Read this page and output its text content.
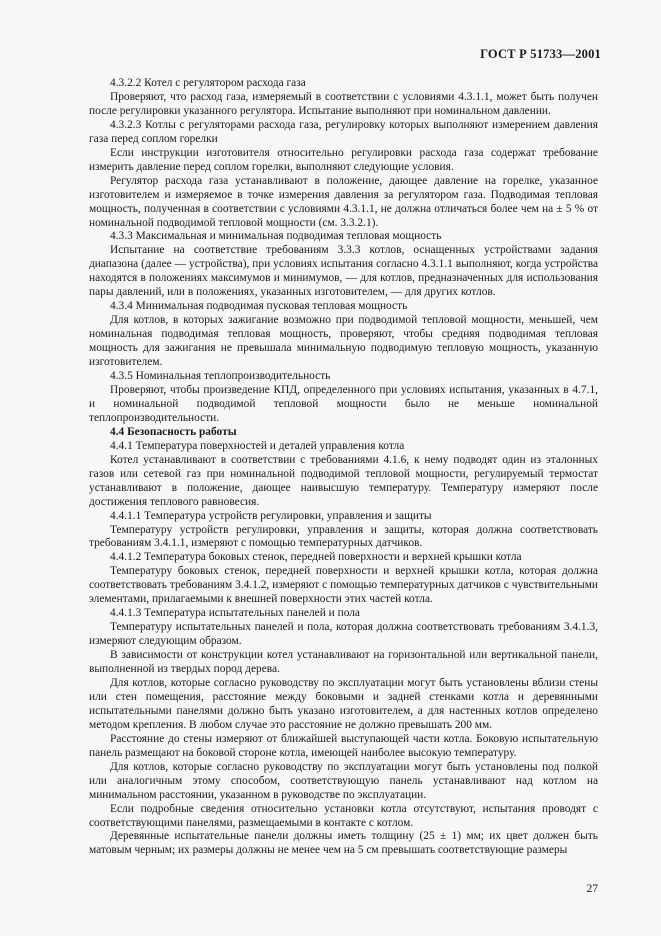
ГОСТ Р 51733—2001

4.3.2.2 Котел с регулятором расхода газа

Проверяют, что расход газа, измеряемый в соответствии с условиями 4.3.1.1, может быть получен после регулировки указанного регулятора. Испытание выполняют при номинальном давлении.

4.3.2.3 Котлы с регуляторами расхода газа, регулировку которых выполняют измерением давления газа перед соплом горелки

Если инструкции изготовителя относительно регулировки расхода газа содержат требование измерить давление перед соплом горелки, выполняют следующие условия.

Регулятор расхода газа устанавливают в положение, дающее давление на горелке, указанное изготовителем и измеряемое в точке измерения давления за регулятором газа. Подводимая тепловая мощность, полученная в соответствии с условиями 4.3.1.1, не должна отличаться более чем на ± 5 % от номинальной подводимой тепловой мощности (см. 3.3.2.1).

4.3.3 Максимальная и минимальная подводимая тепловая мощность

Испытание на соответствие требованиям 3.3.3 котлов, оснащенных устройствами задания диапазона (далее — устройства), при условиях испытания согласно 4.3.1.1 выполняют, когда устройства находятся в положениях максимумов и минимумов, — для котлов, предназначенных для использования пары давлений, или в положениях, указанных изготовителем, — для других котлов.

4.3.4 Минимальная подводимая пусковая тепловая мощность

Для котлов, в которых зажигание возможно при подводимой тепловой мощности, меньшей, чем номинальная подводимая тепловая мощность, проверяют, чтобы средняя подводимая тепловая мощность для зажигания не превышала минимальную подводимую тепловую мощность, указанную изготовителем.

4.3.5 Номинальная теплопроизводительность

Проверяют, чтобы произведение КПД, определенного при условиях испытания, указанных в 4.7.1, и номинальной подводимой тепловой мощности было не меньше номинальной теплопроизводительности.

4.4 Безопасность работы

4.4.1 Температура поверхностей и деталей управления котла

Котел устанавливают в соответствии с требованиями 4.1.6, к нему подводят один из эталонных газов или сетевой газ при номинальной подводимой тепловой мощности, регулируемый термостат устанавливают в положение, дающее наивысшую температуру. Температуру измеряют после достижения теплового равновесия.

4.4.1.1 Температура устройств регулировки, управления и защиты

Температуру устройств регулировки, управления и защиты, которая должна соответствовать требованиям 3.4.1.1, измеряют с помощью температурных датчиков.

4.4.1.2 Температура боковых стенок, передней поверхности и верхней крышки котла

Температуру боковых стенок, передней поверхности и верхней крышки котла, которая должна соответствовать требованиям 3.4.1.2, измеряют с помощью температурных датчиков с чувствительными элементами, прилагаемыми к внешней поверхности этих частей котла.

4.4.1.3 Температура испытательных панелей и пола

Температуру испытательных панелей и пола, которая должна соответствовать требованиям 3.4.1.3, измеряют следующим образом.

В зависимости от конструкции котел устанавливают на горизонтальной или вертикальной панели, выполненной из твердых пород дерева.

Для котлов, которые согласно руководству по эксплуатации могут быть установлены вблизи стены или стен помещения, расстояние между боковыми и задней стенками котла и деревянными испытательными панелями должно быть указано изготовителем, а для настенных котлов определено методом крепления. В любом случае это расстояние не должно превышать 200 мм.

Расстояние до стены измеряют от ближайшей выступающей части котла. Боковую испытательную панель размещают на боковой стороне котла, имеющей наиболее высокую температуру.

Для котлов, которые согласно руководству по эксплуатации могут быть установлены под полкой или аналогичным этому способом, соответствующую панель устанавливают над котлом на минимальном расстоянии, указанном в руководстве по эксплуатации.

Если подробные сведения относительно установки котла отсутствуют, испытания проводят с соответствующими панелями, размещаемыми в контакте с котлом.

Деревянные испытательные панели должны иметь толщину (25 ± 1) мм; их цвет должен быть матовым черным; их размеры должны не менее чем на 5 см превышать соответствующие размеры

27
